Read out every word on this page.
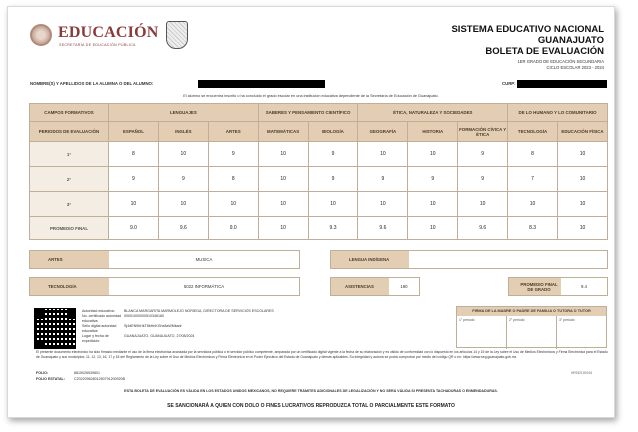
EDUCACIÓN
SECRETARÍA DE EDUCACIÓN PÚBLICA
SISTEMA EDUCATIVO NACIONAL
GUANAJUATO
BOLETA DE EVALUACIÓN
1ER GRADO DE EDUCACIÓN SECUNDARIA
CICLO ESCOLAR 2023 - 2024
NOMBRE(S) Y APELLIDOS DE LA ALUMNA O DEL ALUMNO:	CURP:
El alumno se encuentra inscrito o ha concluido el grado escolar en una institución educativa dependiente de la Secretaría de Educación de Guanajuato.
CAMPOS FORMATIVOS	LENGUAJES			SABERES Y PENSAMIENTO CIENTÍFICO		ÉTICA, NATURALEZA Y SOCIEDADES			DE LO HUMANO Y LO COMUNITARIO	
PERIODOS DE EVALUACIÓN	ESPAÑOL	INGLÉS	ARTES	MATEMÁTICAS	BIOLOGÍA	GEOGRAFÍA	HISTORIA	FORMACIÓN CÍVICA Y ÉTICA	TECNOLOGÍA	EDUCACIÓN FÍSICA
1°	8	10	9	10	9	10	10	9	8	10
2°	9	9	8	10	9	9	9	9	7	10
3°	10	10	10	10	10	10	10	10	10	10
PROMEDIO FINAL	9.0	9.6	9.0	10	9.3	9.6	10	9.6	8.3	10
ARTES	MUSICA	LENGUA INDÍGENA
TECNOLOGÍA	5022 INFORMÁTICA	ASISTENCIAS	190	PROMEDIO FINAL DE GRADO	9.4
Autoridad educativa:	BLANCA MARGARITA MARMOLEJO NORIEGA, DIRECTORA DE SERVICIOS ESCOLARES
No. certificado autoridad educativa:
00001000000510346160
Sello digital autoridad educativa:
Sj4dEN9hHkT8bHnKGhx8aWMkadr
Lugar y fecha de expedición:
GUANAJUATO, GUANAJUATO, 27/08/2024
FIRMA DE LA MADRE O PADRE DE FAMILIA O TUTORA O TUTOR
1° periodo	2° periodo	3° periodo
El presente documento electrónico ha sido firmado mediante el uso de la firma electrónica avanzada por la servidora pública o el servidor público competente, amparada por un certificado digital vigente a la fecha de su elaboración y es válido de conformidad con lo dispuesto en los artículos 14 y 15 de la Ley sobre el Uso de Medios Electrónicos y Firma Electrónica para el Estado de Guanajuato y sus municipios; 11, 12, 13, 16, 17 y 18 del Reglamento de la Ley sobre el Uso de Medios Electrónicos y Firma Electrónica en el Poder Ejecutivo del Estado de Guanajuato y demás aplicables. Su integridad y autoría se podrá comprobar por medio del código QR o en: https://www.seg.guanajuato.gob.mx
FOLIO:	8815026539801
FOLIO ESTATAL:	C20220962801250791200920B
HR9321H0015
ESTA BOLETA DE EVALUACIÓN ES VÁLIDA EN LOS ESTADOS UNIDOS MEXICANOS, NO REQUIERE TRÁMITES ADICIONALES DE LEGALIZACIÓN Y NO SERÁ VÁLIDA SI PRESENTA TACHADURAS O ENMENDADURAS.
SE SANCIONARÁ A QUIEN CON DOLO O FINES LUCRATIVOS REPRODUZCA TOTAL O PARCIALMENTE ESTE FORMATO
